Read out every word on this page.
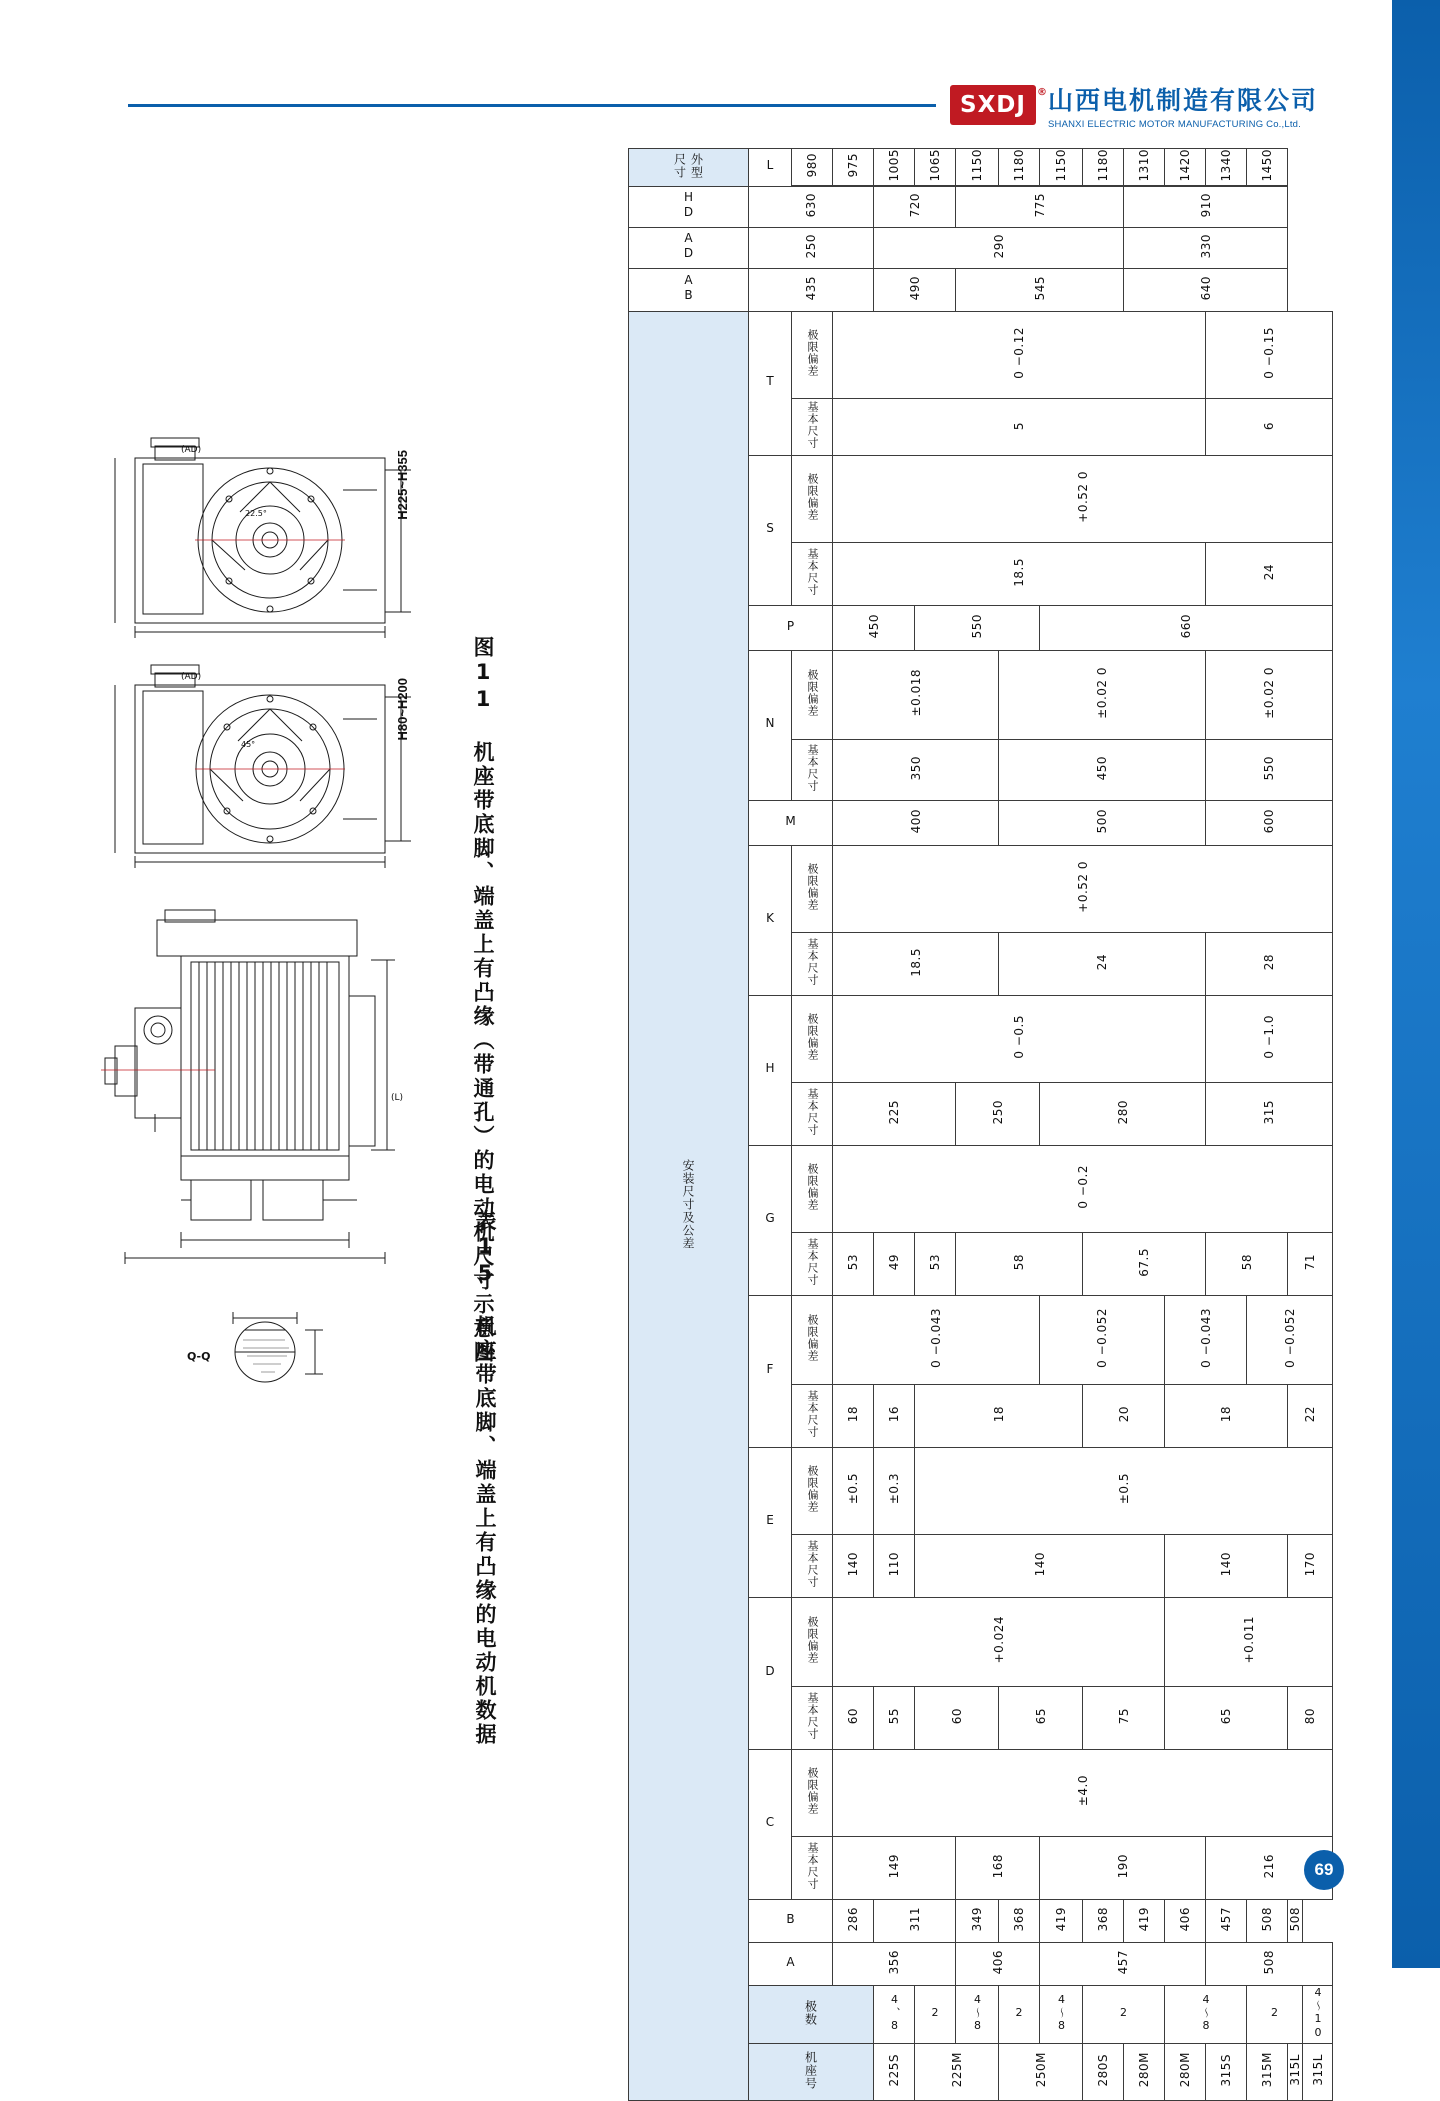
SXDJ ® 山西电机制造有限公司
SHANXI ELECTRIC MOTOR MANUFACTURING Co.,Ltd.
(AD)
22.5°	H225~H355
(AD)
45°
H80~H200
(L)
Q-Q	图11 机座带底脚、端盖上有凸缘（带通孔）的电动机尺寸示意图
表15 机座带底脚、端盖上有凸缘的电动机数据
外型尺寸	L	980	975	1005	1065	1150	1180	1150	1180	1310	1420	1340	1450		

HD	630			720		775				910					
AD	250			290						330					
AB	435			490		545				640					
安装尺寸及公差	T	极限偏差	0 −0.12									0 −0.15			
		基本尺寸	5									6			
	S	极限偏差	+0.52 0												
		基本尺寸	18.5									24			
	P		450		550			660							
	N	极限偏差	±0.018				±0.02 0					±0.02 0			
		基本尺寸	350				450					550			
	M		400				500					600			
	K	极限偏差	+0.52 0												
		基本尺寸	18.5				24					28			
	H	极限偏差	0 −0.5									0 −1.0			
		基本尺寸	225			250		280				315			
	G	极限偏差	0 −0.2												
		基本尺寸	53	49	53	58			67.5			58		71	
	F	极限偏差	0 −0.043					0 −0.052			0 −0.043		0 −0.052		
		基本尺寸	18	16	18				20		18			22	
	E	极限偏差	±0.5	±0.3	±0.5										
		基本尺寸	140	110	140						140			170	
	D	极限偏差	+0.024								+0.011				
		基本尺寸	60	55	60		65		75		65			80	
	C	极限偏差	±4.0												
		基本尺寸	149			168		190				216			
	B		286	311		349	368	419	368	419	406	457	508	508	
	A		356			406		457				508			
	极数			4、8	2	4～8	2	4～8	2		4～8		2		4～10
	机座号			225S	225M		250M		280S	280M	280M	315S	315M	315L	315L
69
